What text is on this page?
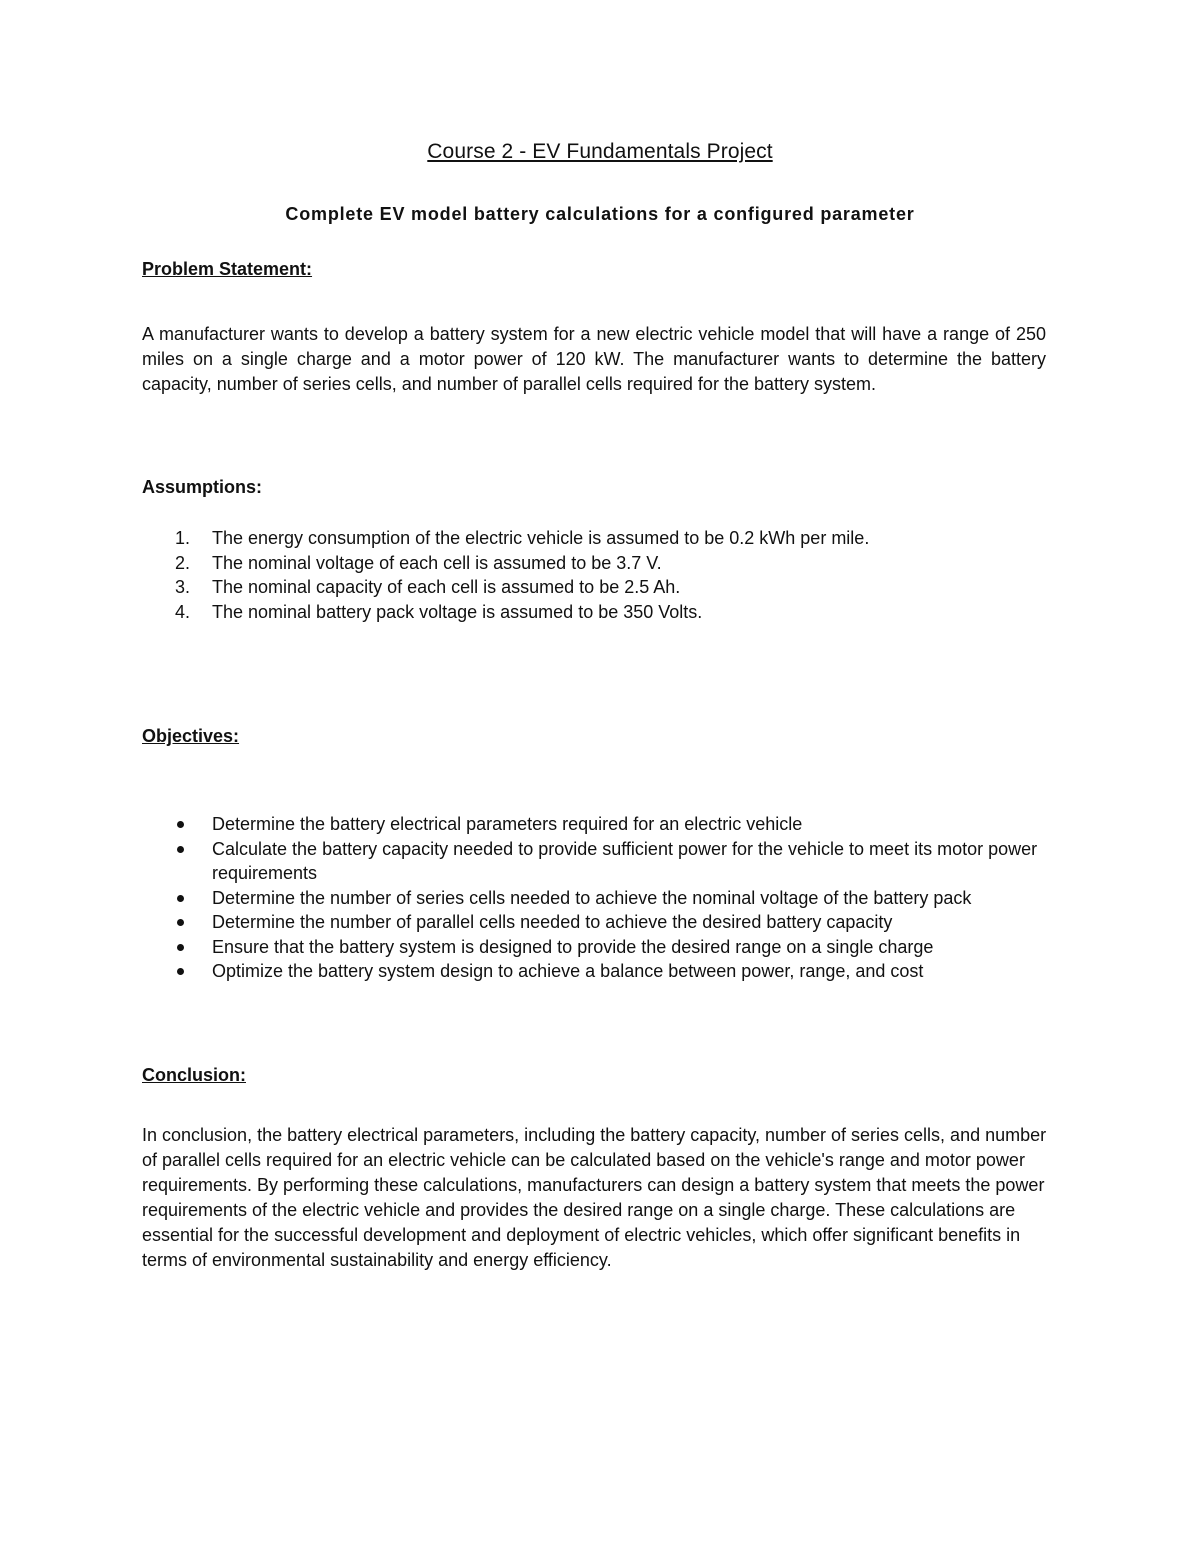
Course 2 - EV Fundamentals Project
Complete EV model battery calculations for a configured parameter
Problem Statement:
A manufacturer wants to develop a battery system for a new electric vehicle model that will have a range of 250 miles on a single charge and a motor power of 120 kW. The manufacturer wants to determine the battery capacity, number of series cells, and number of parallel cells required for the battery system.
Assumptions:
1. The energy consumption of the electric vehicle is assumed to be 0.2 kWh per mile.
2. The nominal voltage of each cell is assumed to be 3.7 V.
3. The nominal capacity of each cell is assumed to be 2.5 Ah.
4. The nominal battery pack voltage is assumed to be 350 Volts.
Objectives:
Determine the battery electrical parameters required for an electric vehicle
Calculate the battery capacity needed to provide sufficient power for the vehicle to meet its motor power requirements
Determine the number of series cells needed to achieve the nominal voltage of the battery pack
Determine the number of parallel cells needed to achieve the desired battery capacity
Ensure that the battery system is designed to provide the desired range on a single charge
Optimize the battery system design to achieve a balance between power, range, and cost
Conclusion:
In conclusion, the battery electrical parameters, including the battery capacity, number of series cells, and number of parallel cells required for an electric vehicle can be calculated based on the vehicle's range and motor power requirements. By performing these calculations, manufacturers can design a battery system that meets the power requirements of the electric vehicle and provides the desired range on a single charge. These calculations are essential for the successful development and deployment of electric vehicles, which offer significant benefits in terms of environmental sustainability and energy efficiency.
